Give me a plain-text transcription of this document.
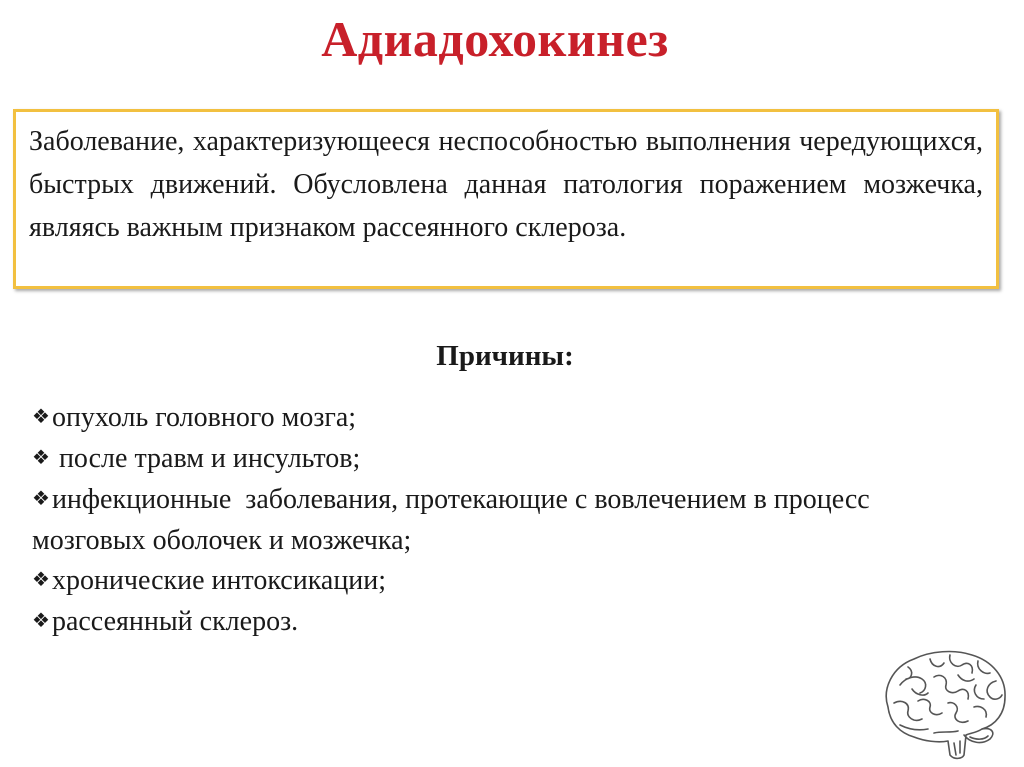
Адиадохокинез

Заболевание, характеризующееся неспособностью выполнения чередующихся, быстрых движений. Обусловлена данная патология поражением мозжечка, являясь важным признаком рассеянного склероза.

Причины:
❖опухоль головного мозга;
❖ после травм и инсультов;
❖инфекционные  заболевания, протекающие с вовлечением в процесс мозговых оболочек и мозжечка;
❖хронические интоксикации;
❖рассеянный склероз.
